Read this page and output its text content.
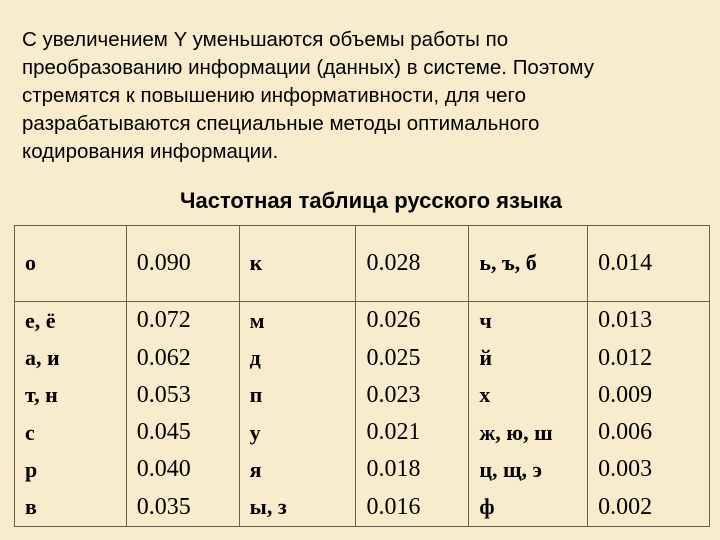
С увеличением Y уменьшаются объемы работы по
преобразованию информации (данных) в системе. Поэтому
стремятся к повышению информативности, для чего
разрабатываются специальные методы оптимального
кодирования информации.
Частотная таблица русского языка
о	0.090	к	0.028	ь, ъ, б	0.014
е, ё	0.072	м	0.026	ч	0.013
а, и	0.062	д	0.025	й	0.012
т, н	0.053	п	0.023	х	0.009
с	0.045	у	0.021	ж, ю, ш	0.006
р	0.040	я	0.018	ц, щ, э	0.003
в	0.035	ы, з	0.016	ф	0.002
